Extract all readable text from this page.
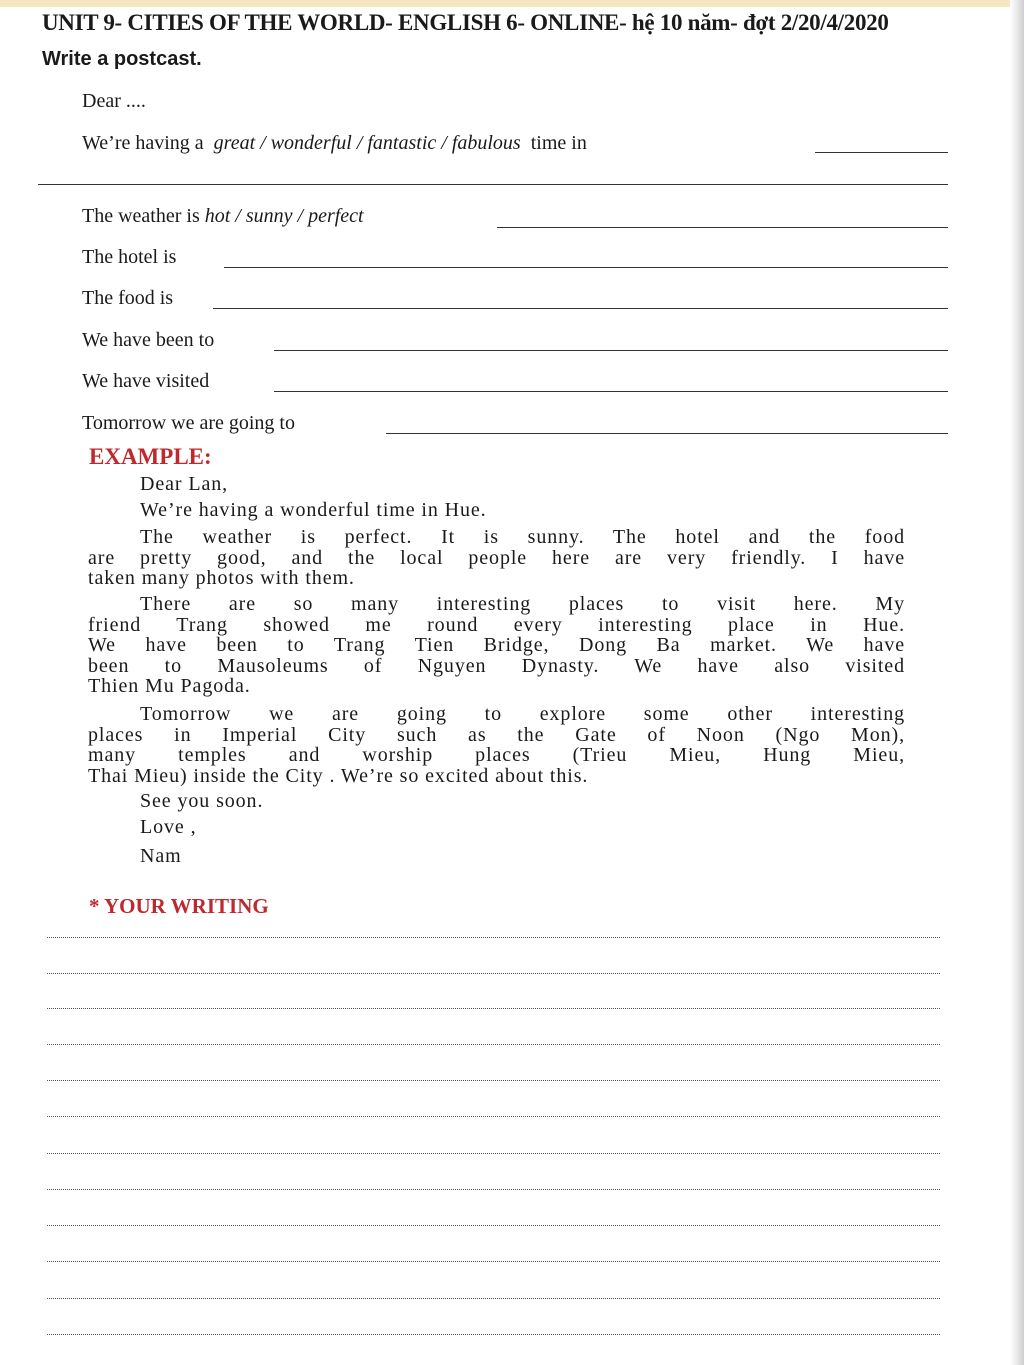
UNIT 9- CITIES OF THE WORLD- ENGLISH 6- ONLINE- hệ 10 năm- đợt 2/20/4/2020
Write a postcast.
Dear ....
We’re having a great / wonderful / fantastic / fabulous time in
The weather is hot / sunny / perfect
The hotel is
The food is
We have been to
We have visited
Tomorrow we are going to
EXAMPLE:
Dear Lan,
We’re having a wonderful time in Hue.
The weather is perfect. It is sunny. The hotel and the food
are pretty good, and the local people here are very friendly. I have
taken many photos with them.
There are so many interesting places to visit here. My
friend Trang showed me round every interesting place in Hue.
We have been to Trang Tien Bridge, Dong Ba market. We have
been to Mausoleums of Nguyen Dynasty. We have also visited
Thien Mu Pagoda.
Tomorrow we are going to explore some other interesting
places in Imperial City such as the Gate of Noon (Ngo Mon),
many temples and worship places (Trieu Mieu, Hung Mieu,
Thai Mieu) inside the City . We’re so excited about this.
See you soon.
Love ,
Nam
* YOUR WRITING
